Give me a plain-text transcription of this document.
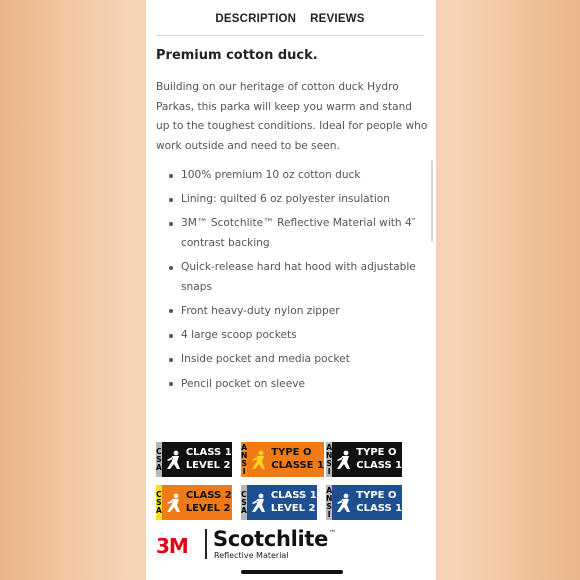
DESCRIPTION REVIEWS
Premium cotton duck.

Building on our heritage of cotton duck Hydro Parkas, this parka will keep you warm and stand up to the toughest conditions. Ideal for people who work outside and need to be seen.

100% premium 10 oz cotton duck
Lining: quilted 6 oz polyester insulation
3M™ Scotchlite™ Reflective Material with 4″ contrast backing
Quick-release hard hat hood with adjustable snaps
Front heavy-duty nylon zipper
4 large scoop pockets
Inside pocket and media pocket
Pencil pocket on sleeve
C
S
A
CLASS 1
LEVEL 2
A
N
S
I
TYPE O
CLASSE 1
A
N
S
I
TYPE O
CLASS 1
C
S
A
CLASS 2
LEVEL 2
C
S
A
CLASS 1
LEVEL 2
A
N
S
I
TYPE O
CLASS 1
3M Scotchlite ™
Reflective Material
